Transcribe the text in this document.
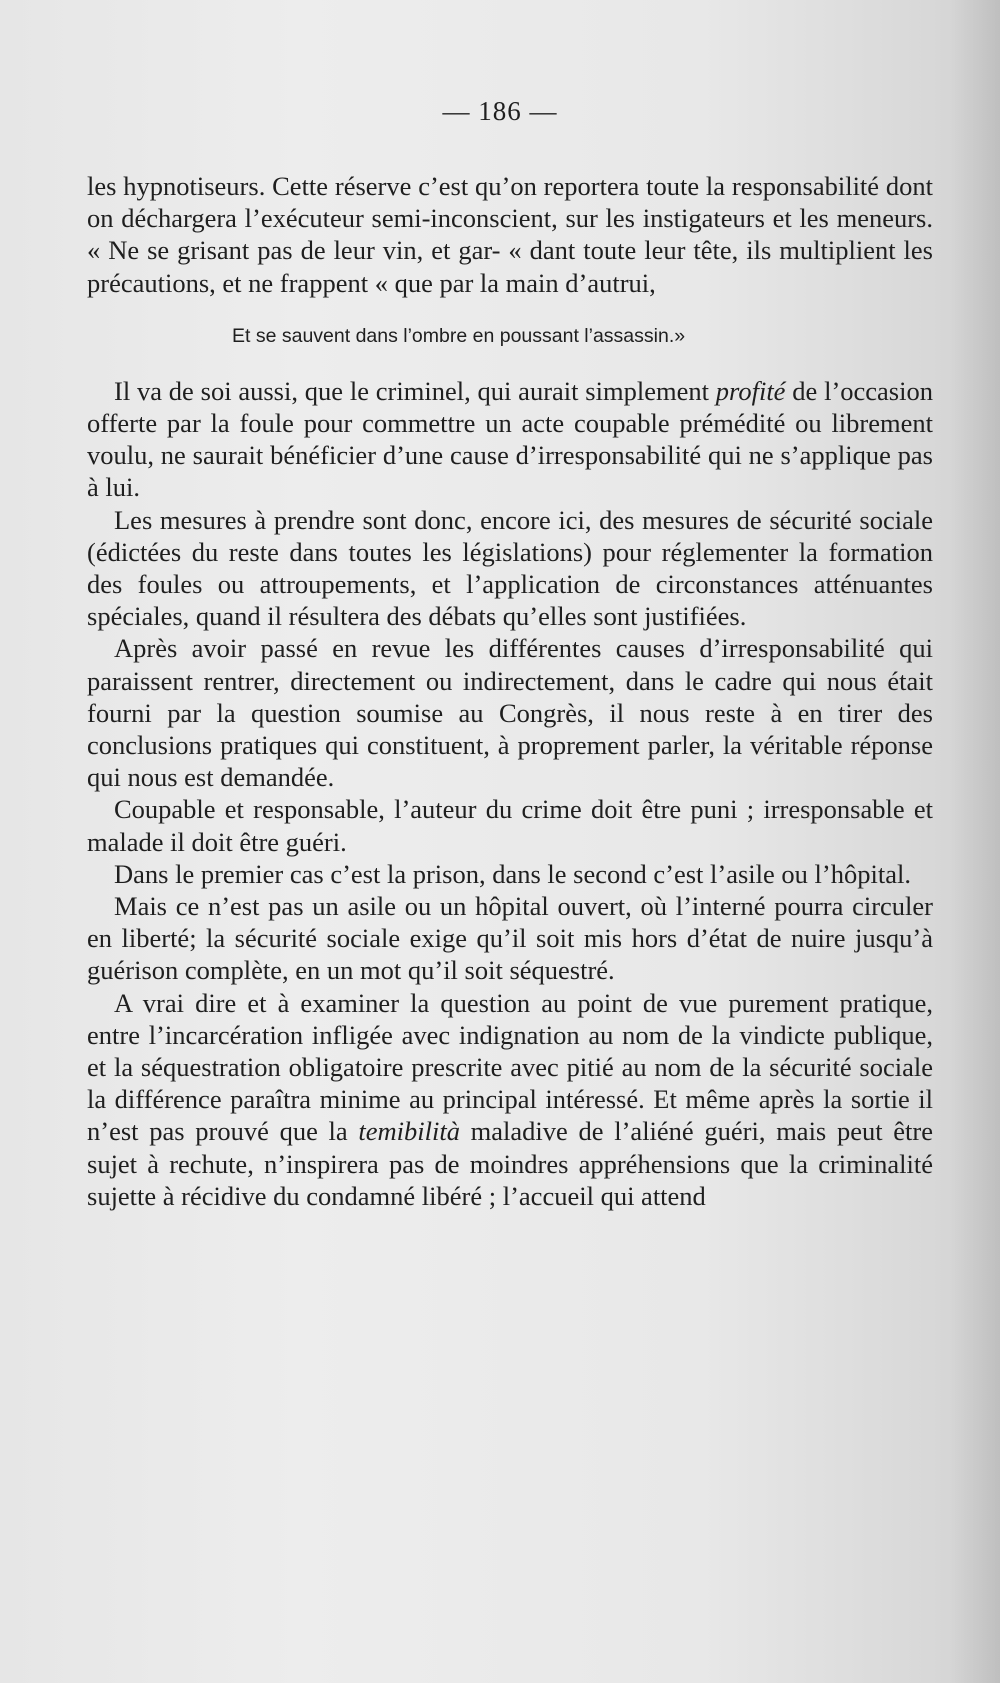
— 186 —

les hypnotiseurs. Cette réserve c’est qu’on reportera toute la responsabilité dont on déchargera l’exécuteur semi-inconscient, sur les instigateurs et les meneurs. « Ne se grisant pas de leur vin, et gar- « dant toute leur tête, ils multiplient les précautions, et ne frappent « que par la main d’autrui,

Et se sauvent dans l’ombre en poussant l’assassin.»

Il va de soi aussi, que le criminel, qui aurait simplement profité de l’occasion offerte par la foule pour commettre un acte coupable prémédité ou librement voulu, ne saurait bénéficier d’une cause d’irresponsabilité qui ne s’applique pas à lui.

Les mesures à prendre sont donc, encore ici, des mesures de sécurité sociale (édictées du reste dans toutes les législations) pour réglementer la formation des foules ou attroupements, et l’application de circonstances atténuantes spéciales, quand il résultera des débats qu’elles sont justifiées.

Après avoir passé en revue les différentes causes d’irresponsabilité qui paraissent rentrer, directement ou indirectement, dans le cadre qui nous était fourni par la question soumise au Congrès, il nous reste à en tirer des conclusions pratiques qui constituent, à proprement parler, la véritable réponse qui nous est demandée.

Coupable et responsable, l’auteur du crime doit être puni ; irresponsable et malade il doit être guéri.

Dans le premier cas c’est la prison, dans le second c’est l’asile ou l’hôpital.

Mais ce n’est pas un asile ou un hôpital ouvert, où l’interné pourra circuler en liberté; la sécurité sociale exige qu’il soit mis hors d’état de nuire jusqu’à guérison complète, en un mot qu’il soit séquestré.

A vrai dire et à examiner la question au point de vue purement pratique, entre l’incarcération infligée avec indignation au nom de la vindicte publique, et la séquestration obligatoire prescrite avec pitié au nom de la sécurité sociale la différence paraîtra minime au principal intéressé. Et même après la sortie il n’est pas prouvé que la temibilità maladive de l’aliéné guéri, mais peut être sujet à rechute, n’inspirera pas de moindres appréhensions que la criminalité sujette à récidive du condamné libéré ; l’accueil qui attend
